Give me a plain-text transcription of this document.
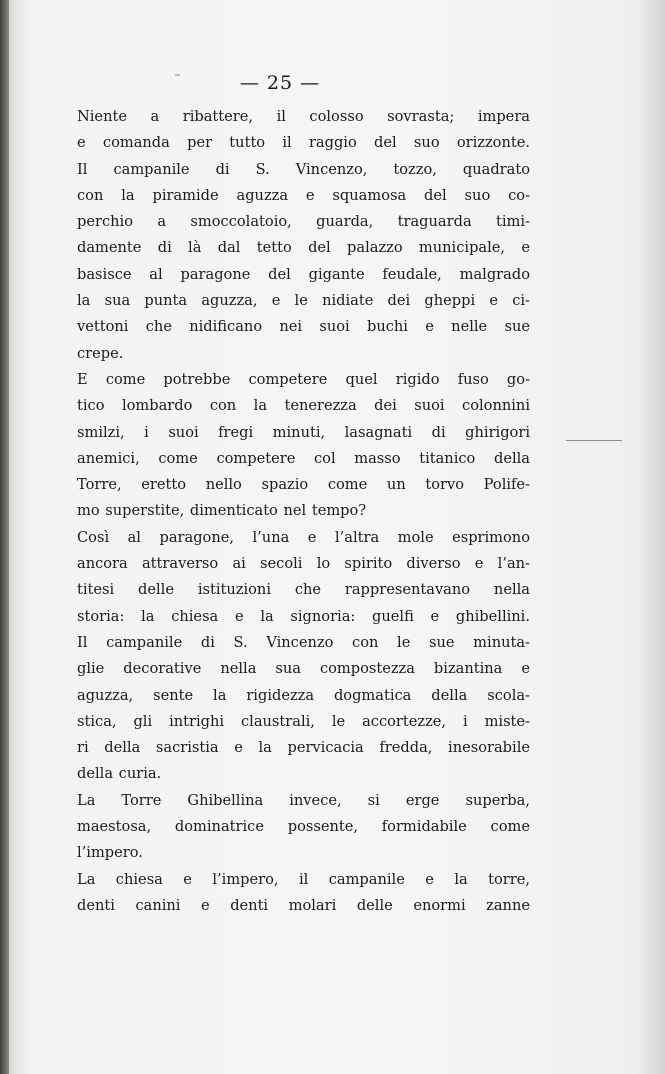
— 25 —
Niente a ribattere, il colosso sovrasta; impera
e comanda per tutto il raggio del suo orizzonte.
Il campanile di S. Vincenzo, tozzo, quadrato
con la piramide aguzza e squamosa del suo co-
perchio a smoccolatoio, guarda, traguarda timi-
damente di là dal tetto del palazzo municipale, e
basisce al paragone del gigante feudale, malgrado
la sua punta aguzza, e le nidiate dei gheppi e ci-
vettoni che nidificano nei suoi buchi e nelle sue
crepe.
E come potrebbe competere quel rigido fuso go-
tico lombardo con la tenerezza dei suoi colonnini
smilzi, i suoi fregi minuti, lasagnati di ghirigori
anemici, come competere col masso titanico della
Torre, eretto nello spazio come un torvo Polife-
mo superstite, dimenticato nel tempo?
Così al paragone, l’una e l’altra mole esprimono
ancora attraverso ai secoli lo spirito diverso e l’an-
titesi delle istituzioni che rappresentavano nella
storia: la chiesa e la signoria: guelfi e ghibellini.
Il campanile di S. Vincenzo con le sue minuta-
glie decorative nella sua compostezza bizantina e
aguzza, sente la rigidezza dogmatica della scola-
stica, gli intrighi claustrali, le accortezze, i miste-
ri della sacristia e la pervicacia fredda, inesorabile
della curia.
La Torre Ghibellina invece, si erge superba,
maestosa, dominatrice possente, formidabile come
l’impero.
La chiesa e l’impero, il campanile e la torre,
denti canini e denti molari delle enormi zanne
